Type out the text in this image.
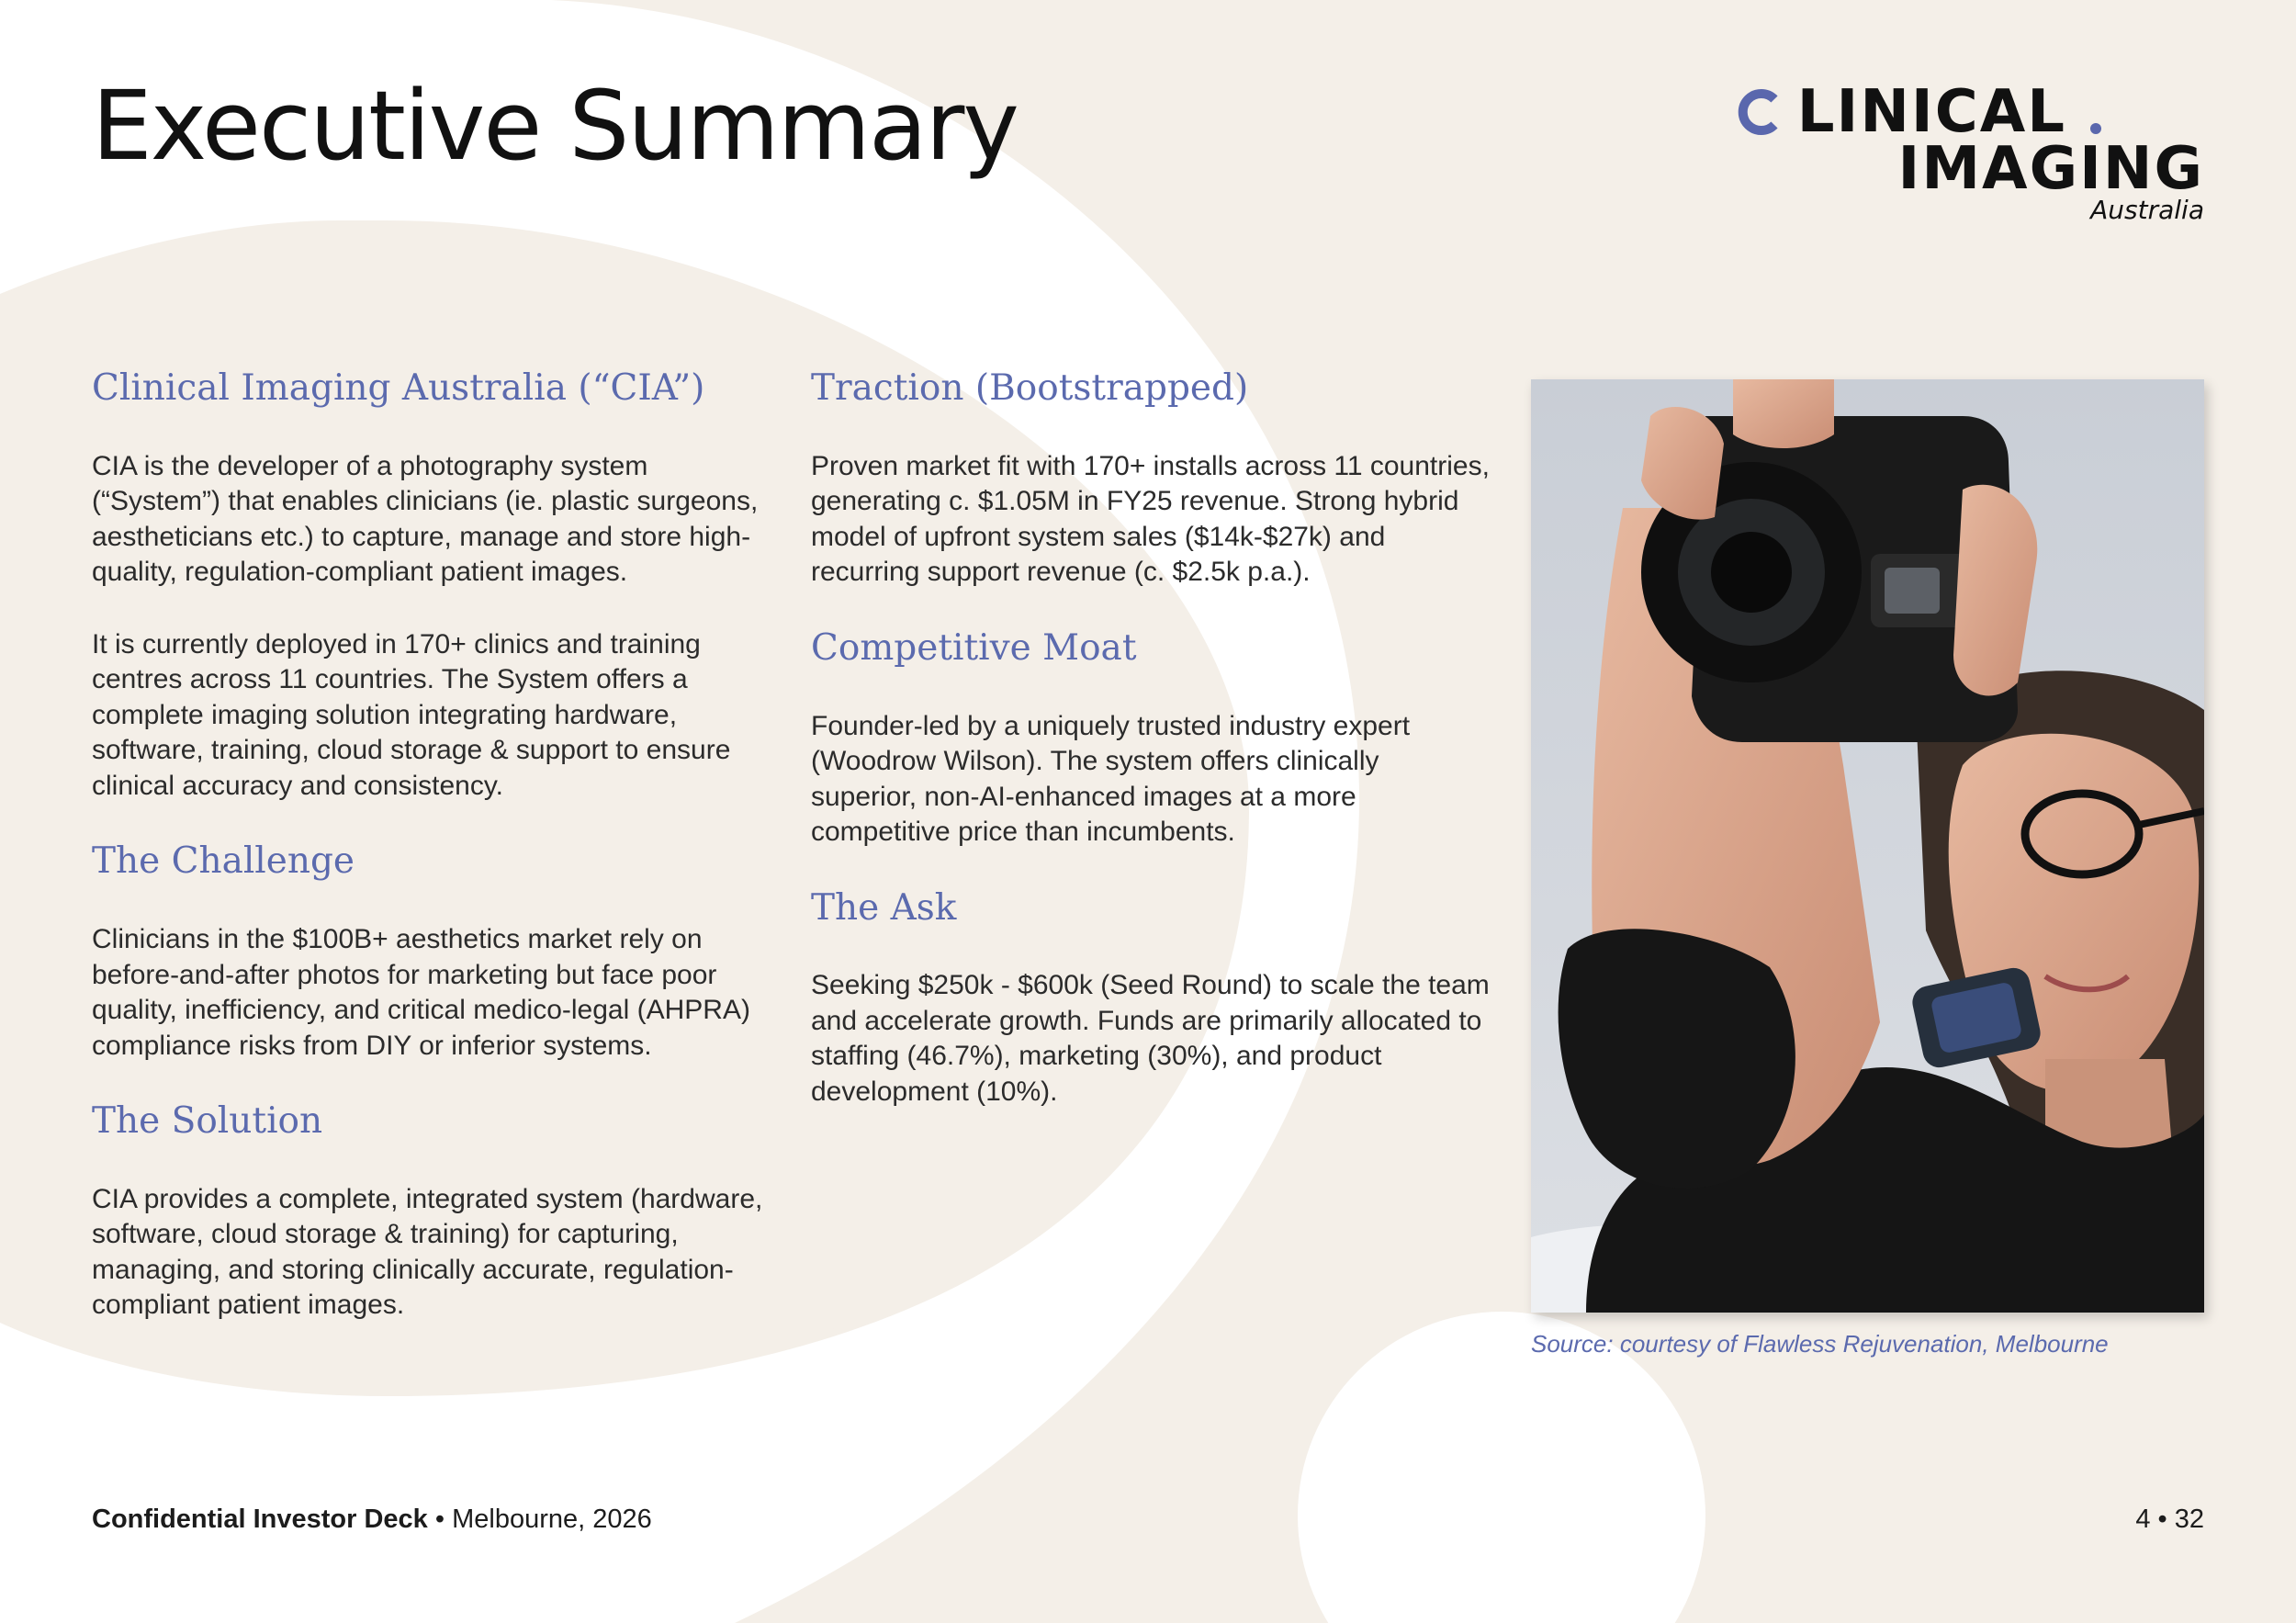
Executive Summary	LINICAL
IMAGING
Australia
Clinical Imaging Australia (“CIA”)

CIA is the developer of a photography system (“System”) that enables clinicians (ie. plastic surgeons, aestheticians etc.) to capture, manage and store high-quality, regulation-compliant patient images.

It is currently deployed in 170+ clinics and training centres across 11 countries. The System offers a complete imaging solution integrating hardware, software, training, cloud storage & support to ensure clinical accuracy and consistency.

The Challenge

Clinicians in the $100B+ aesthetics market rely on before-and-after photos for marketing but face poor quality, inefficiency, and critical medico-legal (AHPRA) compliance risks from DIY or inferior systems.

The Solution

CIA provides a complete, integrated system (hardware, software, cloud storage & training) for capturing, managing, and storing clinically accurate, regulation-compliant patient images.

Traction (Bootstrapped)

Proven market fit with 170+ installs across 11 countries, generating c. $1.05M in FY25 revenue. Strong hybrid model of upfront system sales ($14k-$27k) and recurring support revenue (c. $2.5k p.a.).

Competitive Moat

Founder-led by a uniquely trusted industry expert (Woodrow Wilson). The system offers clinically superior, non-AI-enhanced images at a more competitive price than incumbents.

The Ask

Seeking $250k - $600k (Seed Round) to scale the team and accelerate growth. Funds are primarily allocated to staffing (46.7%), marketing (30%), and product development (10%).

Source: courtesy of Flawless Rejuvenation, Melbourne
Confidential Investor Deck • Melbourne, 2026	4 • 32
